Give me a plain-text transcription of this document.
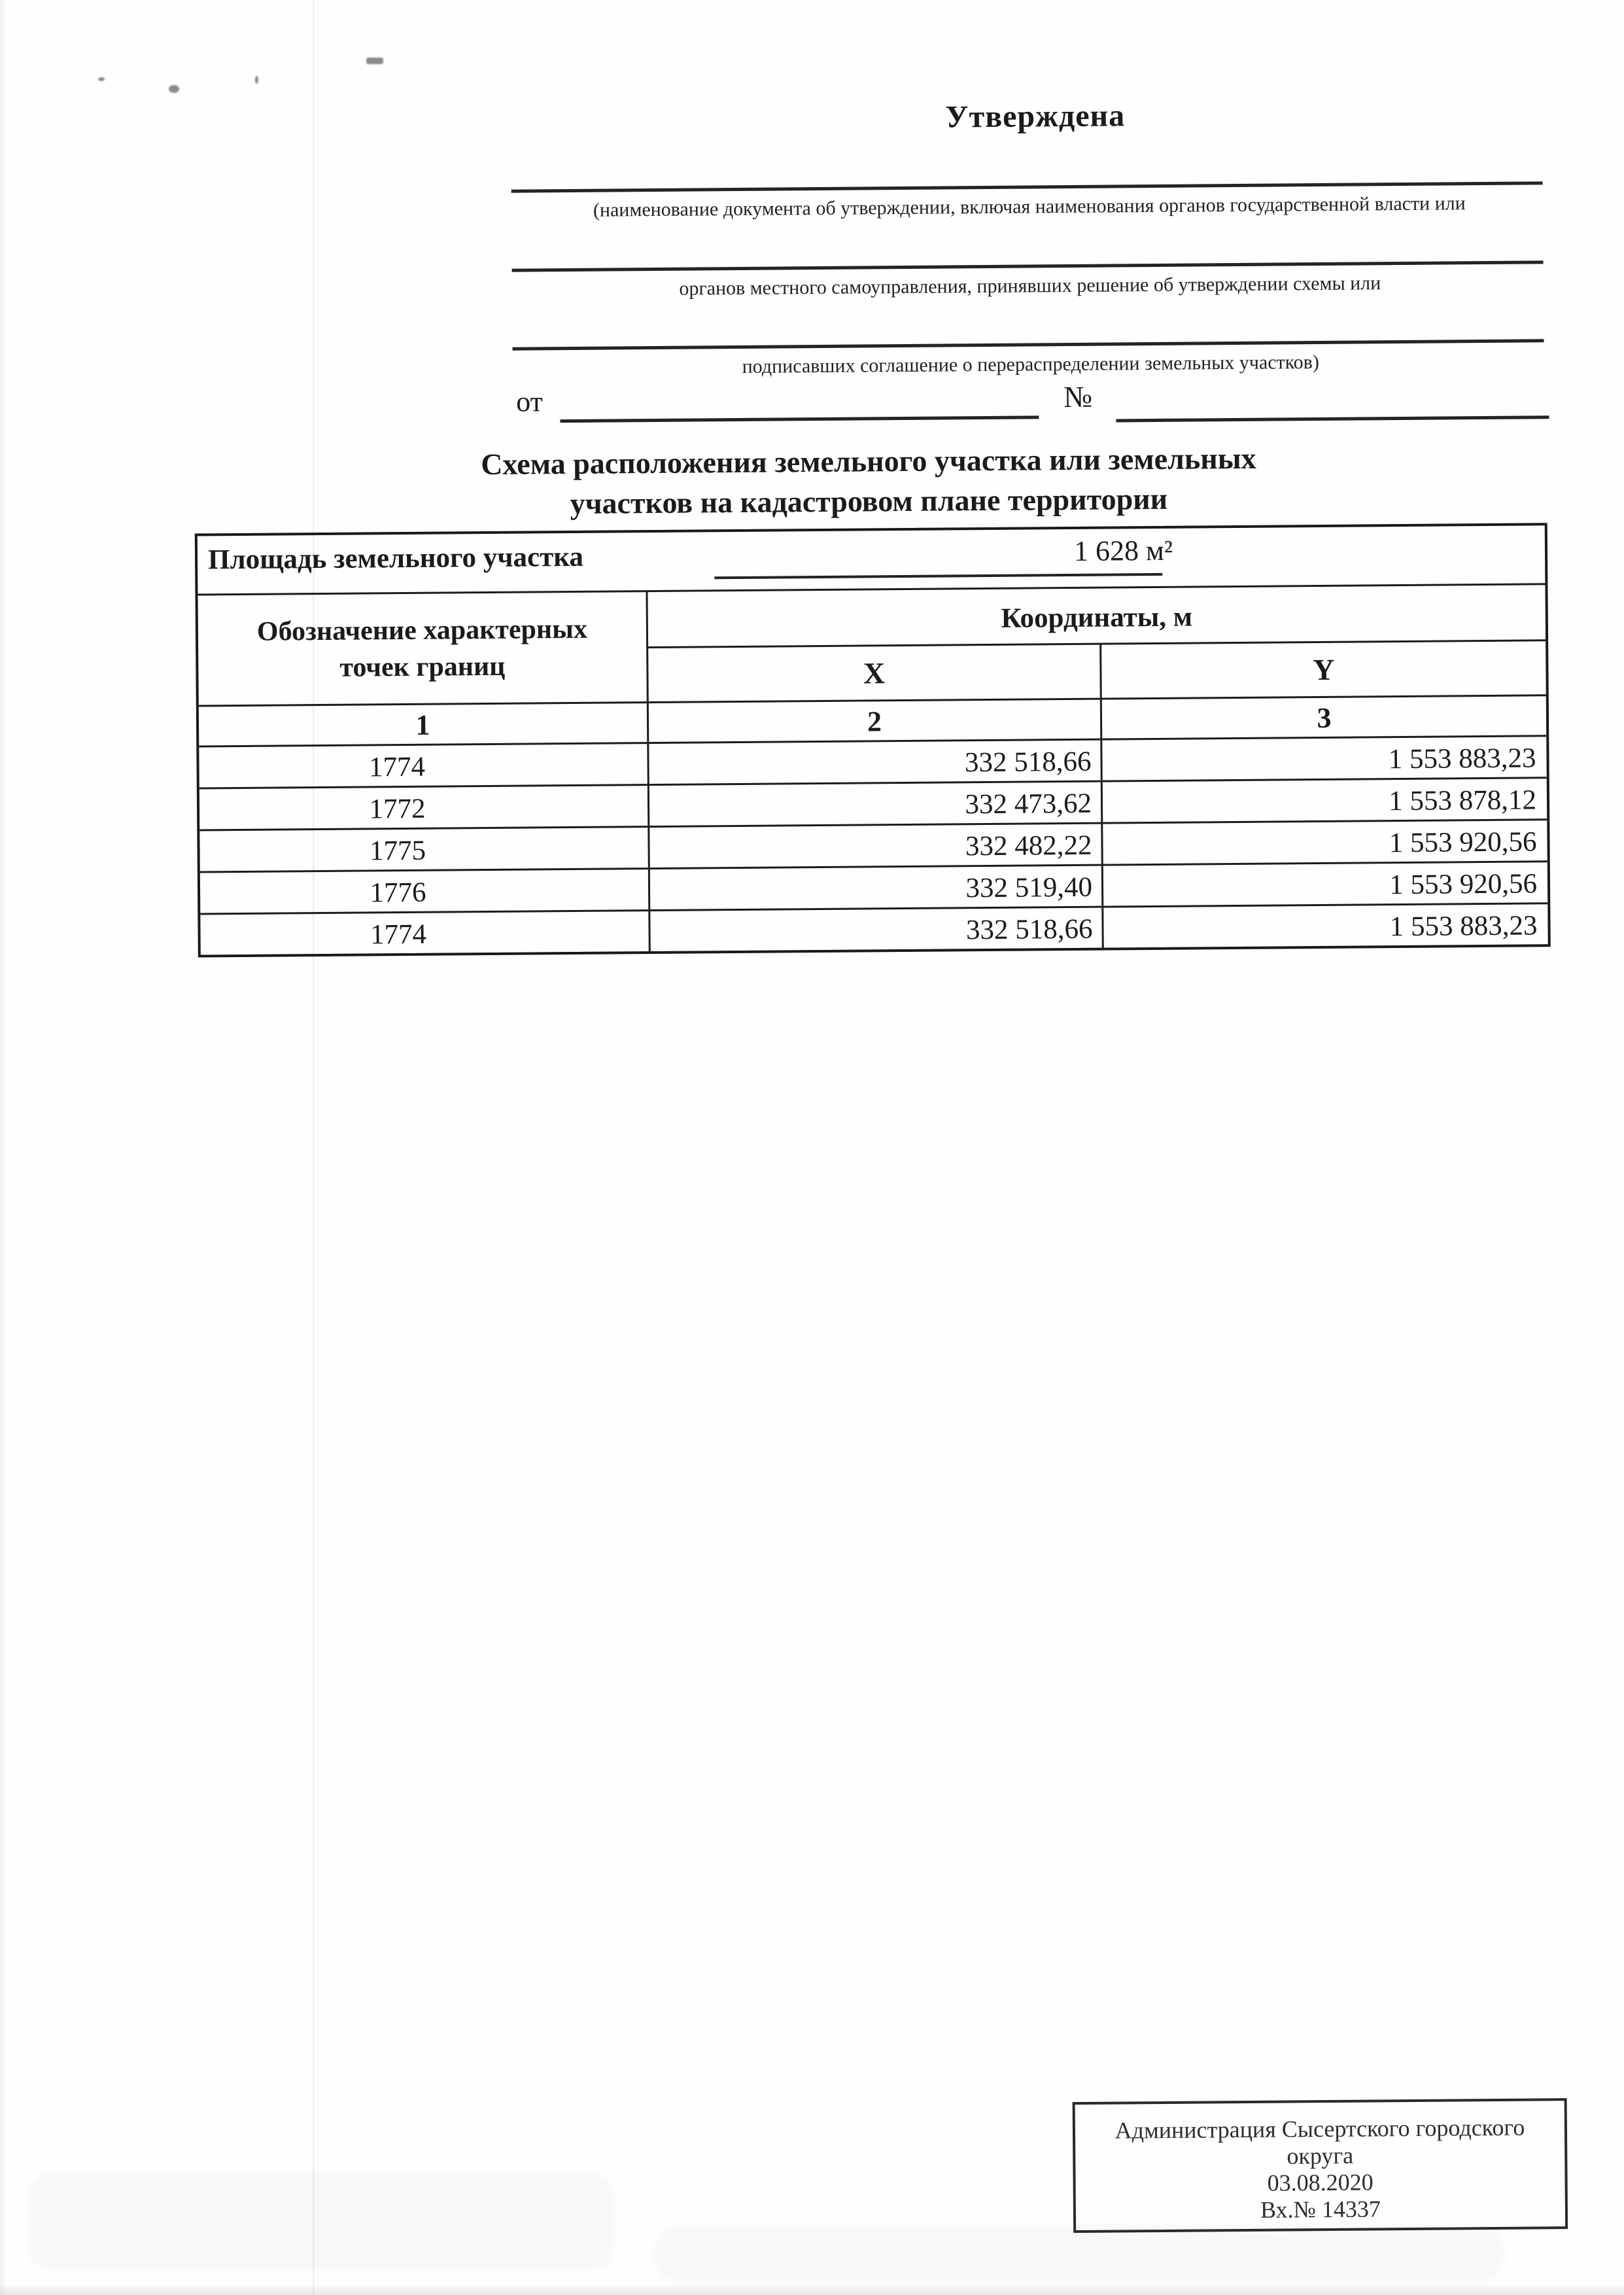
Утверждена
(наименование документа об утверждении, включая наименования органов государственной власти или
органов местного самоуправления, принявших решение об утверждении схемы или
подписавших соглашение о перераспределении земельных участков)
от	№
Схема расположения земельного участка или земельных
участков на кадастровом плане территории
Площадь земельного участка	1 628 м²
Обозначение характерных
точек границ
Координаты, м
X	Y
1	2	3
1774	332 518,66	1 553 883,23
1772	332 473,62	1 553 878,12
1775	332 482,22	1 553 920,56
1776	332 519,40	1 553 920,56
1774	332 518,66	1 553 883,23
Администрация Сысертского городского
округа
03.08.2020
Вх.№ 14337
